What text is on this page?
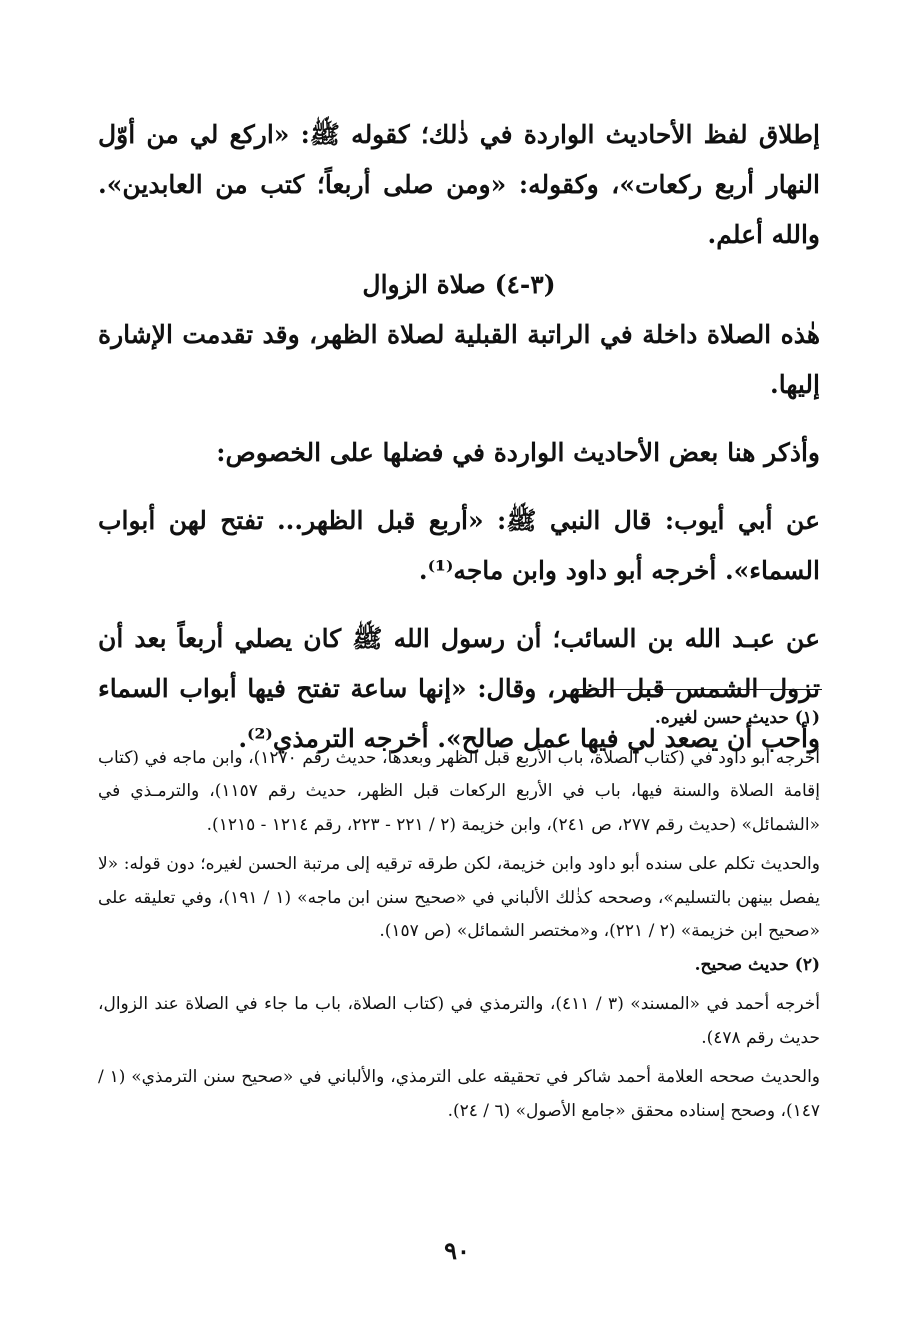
إطلاق لفظ الأحاديث الواردة في ذٰلك؛ كقوله ﷺ: «اركع لي من أوّل النهار أربع ركعات»، وكقوله: «ومن صلى أربعاً؛ كتب من العابدين». والله أعلم.

(٣-٤) صلاة الزوال

هٰذه الصلاة داخلة في الراتبة القبلية لصلاة الظهر، وقد تقدمت الإشارة إليها.

وأذكر هنا بعض الأحاديث الواردة في فضلها على الخصوص:

عن أبي أيوب: قال النبي ﷺ: «أربع قبل الظهر... تفتح لهن أبواب السماء». أخرجه أبو داود وابن ماجه⁽¹⁾.

عن عبـد الله بن السائب؛ أن رسول الله ﷺ كان يصلي أربعاً بعد أن تزول الشمس قبل الظهر، وقال: «إنها ساعة تفتح فيها أبواب السماء وأحب أن يصعد لي فيها عمل صالح». أخرجه الترمذي⁽²⁾.

(١) حديث حسن لغيره.

أخرجه أبو داود في (كتاب الصلاة، باب الأربع قبل الظهر وبعدها، حديث رقم ١٢٧٠)، وابن ماجه في (كتاب إقامة الصلاة والسنة فيها، باب في الأربع الركعات قبل الظهر، حديث رقم ١١٥٧)، والترمـذي في «الشمائل» (حديث رقم ٢٧٧، ص ٢٤١)، وابن خزيمة (٢ / ٢٢١ - ٢٢٣، رقم ١٢١٤ - ١٢١٥).

والحديث تكلم على سنده أبو داود وابن خزيمة، لكن طرقه ترقيه إلى مرتبة الحسن لغيره؛ دون قوله: «لا يفصل بينهن بالتسليم»، وصححه كذٰلك الألباني في «صحيح سنن ابن ماجه» (١ / ١٩١)، وفي تعليقه على «صحيح ابن خزيمة» (٢ / ٢٢١)، و«مختصر الشمائل» (ص ١٥٧).

(٢) حديث صحيح.

أخرجه أحمد في «المسند» (٣ / ٤١١)، والترمذي في (كتاب الصلاة، باب ما جاء في الصلاة عند الزوال، حديث رقم ٤٧٨).

والحديث صححه العلامة أحمد شاكر في تحقيقه على الترمذي، والألباني في «صحيح سنن الترمذي» (١ / ١٤٧)، وصحح إسناده محقق «جامع الأصول» (٦ / ٢٤).

٩٠
